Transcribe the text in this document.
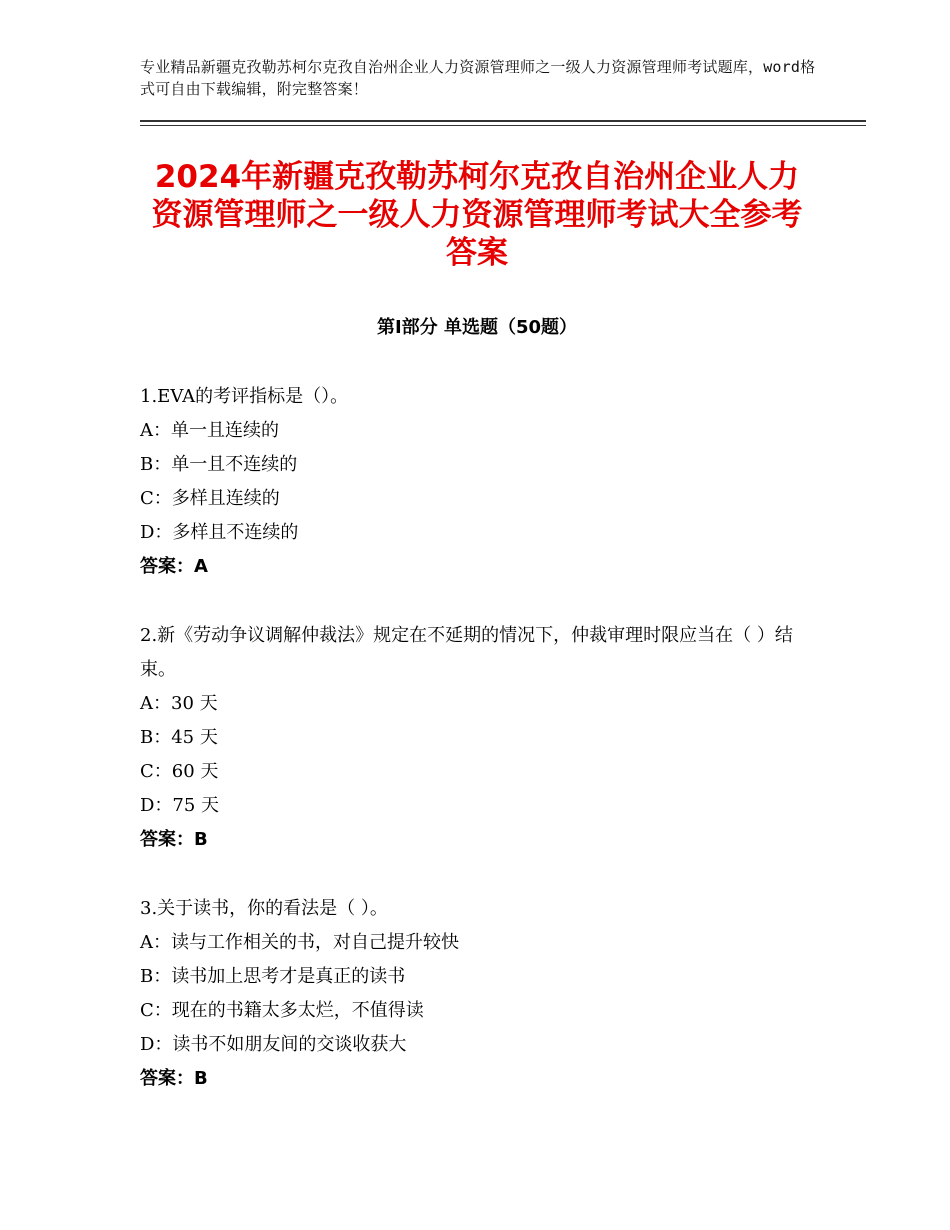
专业精品新疆克孜勒苏柯尔克孜自治州企业人力资源管理师之一级人力资源管理师考试题库，word格式可自由下载编辑，附完整答案！
2024年新疆克孜勒苏柯尔克孜自治州企业人力资源管理师之一级人力资源管理师考试大全参考答案
第Ⅰ部分 单选题（50题）

1.EVA的考评指标是（）。

A：单一且连续的

B：单一且不连续的

C：多样且连续的

D：多样且不连续的

答案：A

2.新《劳动争议调解仲裁法》规定在不延期的情况下，仲裁审理时限应当在（ ）结束。

A：30 天

B：45 天

C：60 天

D：75 天

答案：B

3.关于读书，你的看法是（ ）。

A：读与工作相关的书，对自己提升较快

B：读书加上思考才是真正的读书

C：现在的书籍太多太烂，不值得读

D：读书不如朋友间的交谈收获大

答案：B
